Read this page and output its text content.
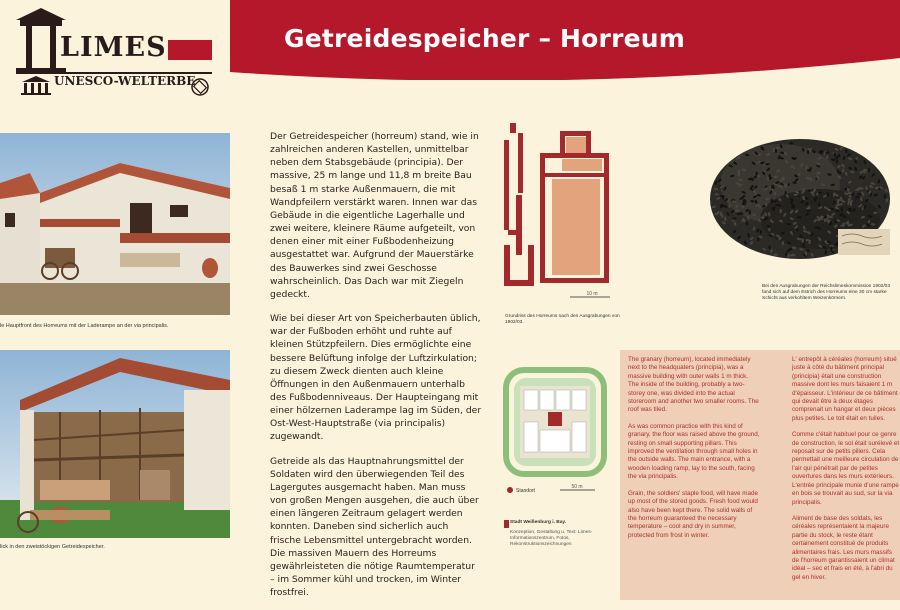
Getreidespeicher – Horreum
LIMES
UNESCO-WELTERBE
le Hauptfront des Horreums mit der Laderampe an der via principalis.
lick in den zweistöckigen Getreidespeicher.

Der Getreidespeicher (horreum) stand, wie in zahlreichen anderen Kastellen, unmittelbar neben dem Stabsgebäude (principia). Der massive, 25 m lange und 11,8 m breite Bau besaß 1 m starke Außenmauern, die mit Wandpfeilern verstärkt waren. Innen war das Gebäude in die eigentliche Lagerhalle und zwei weitere, kleinere Räume aufgeteilt, von denen einer mit einer Fußbodenheizung ausgestattet war. Aufgrund der Mauerstärke des Bauwerkes sind zwei Geschosse wahrscheinlich. Das Dach war mit Ziegeln gedeckt.

Wie bei dieser Art von Speicherbauten üblich, war der Fußboden erhöht und ruhte auf kleinen Stützpfeilern. Dies ermöglichte eine bessere Belüftung infolge der Luftzirkulation; zu diesem Zweck dienten auch kleine Öffnungen in den Außenmauern unterhalb des Fußbodenniveaus. Der Haupteingang mit einer hölzernen Laderampe lag im Süden, der Ost-West-Hauptstraße (via principalis) zugewandt.

Getreide als das Hauptnahrungsmittel der Soldaten wird den überwiegenden Teil des Lagergutes ausgemacht haben. Man muss von großen Mengen ausgehen, die auch über einen längeren Zeitraum gelagert werden konnten. Daneben sind sicherlich auch frische Lebensmittel untergebracht worden. Die massiven Mauern des Horreums gewährleisteten die nötige Raumtemperatur – im Sommer kühl und trocken, im Winter frostfrei.

10 m
Grundriss des Horreums nach den Ausgrabungen von 1902/03.
Bei den Ausgrabungen der Reichslimeskommission 1902/03 fand sich auf dem Estrich des Horreums eine 30 cm starke Schicht aus verkohltem Weizenkörnern.
Standort
50 m
Stadt Weißenburg i. Bay.
Konzeption, Gestaltung u. Text: Limes-Informationszentrum, Fotos, Rekonstruktionszeichnungen

The granary (horreum), located immediately next to the headquaters (principia), was a massive building with outer walls 1 m thick. The inside of the building, probably a two-storey one, was divided into the actual storeroom and another two smaller rooms. The roof was tiled.

As was common practice with this kind of granary, the floor was raised above the ground, resting on small supporting pillars. This improved the ventilation through small holes in the outside walls. The main entrance, with a wooden loading ramp, lay to the south, facing the via principalis.

Grain, the soldiers' staple food, will have made up most of the stored goods. Fresh food would also have been kept there. The solid walls of the horreum guaranteed the necessary temperature – cool and dry in summer, protected from frost in winter.

L' entrepôt à céréales (horreum) situé juste à côté du bâtiment principal (principia) était une construction massive dont les murs faisaient 1 m d'épaisseur. L'intérieur de ce bâtiment qui devait être à deux étages comprenait un hangar et deux pièces plus petites. Le toit était en tuiles.

Comme c'était habituel pour ce genre de construction, le sol était surélevé et reposait sur de petits piliers. Cela permettait une meilleure circulation de l'air qui pénétrait par de petites ouvertures dans les murs extérieurs. L'entrée principale munie d'une rampe en bois se trouvait au sud, sur la via principalis.

Aliment de base des soldats, les céréales représentaient la majeure partie du stock, le reste étant certainement constitué de produits alimentaires frais. Les murs massifs de l'horreum garantissaient un climat idéal – sec et frais en été, à l'abri du gel en hiver.
